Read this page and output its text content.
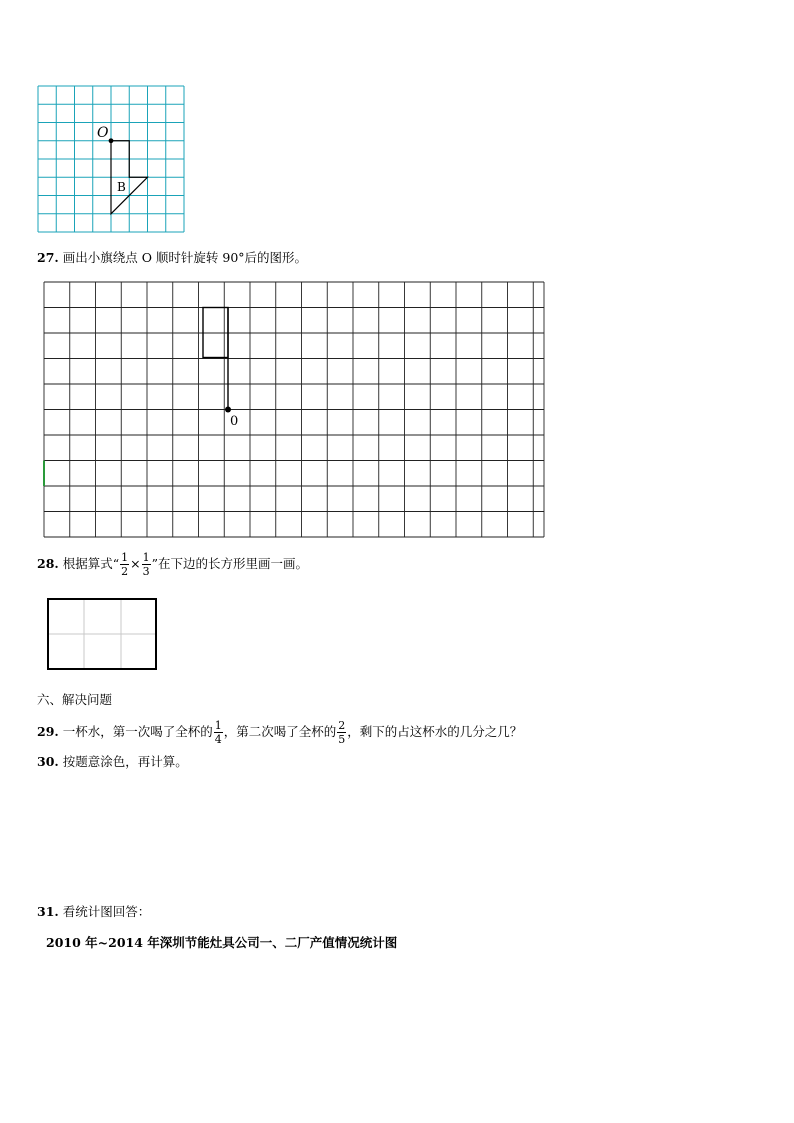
O
B
27. 画出小旗绕点 O 顺时针旋转 90°后的图形。
0
28. 根据算式“ $\frac{1}{2} \times \frac{1}{3}$ ”在下边的长方形里画一画。
六、解决问题
29. 一杯水，第一次喝了全杯的 $\frac{1}{4}$ ，第二次喝了全杯的 $\frac{2}{5}$ ，剩下的占这杯水的几分之几？
30. 按题意涂色，再计算。
31. 看统计图回答：
2010 年~2014 年深圳节能灶具公司一、二厂产值情况统计图
